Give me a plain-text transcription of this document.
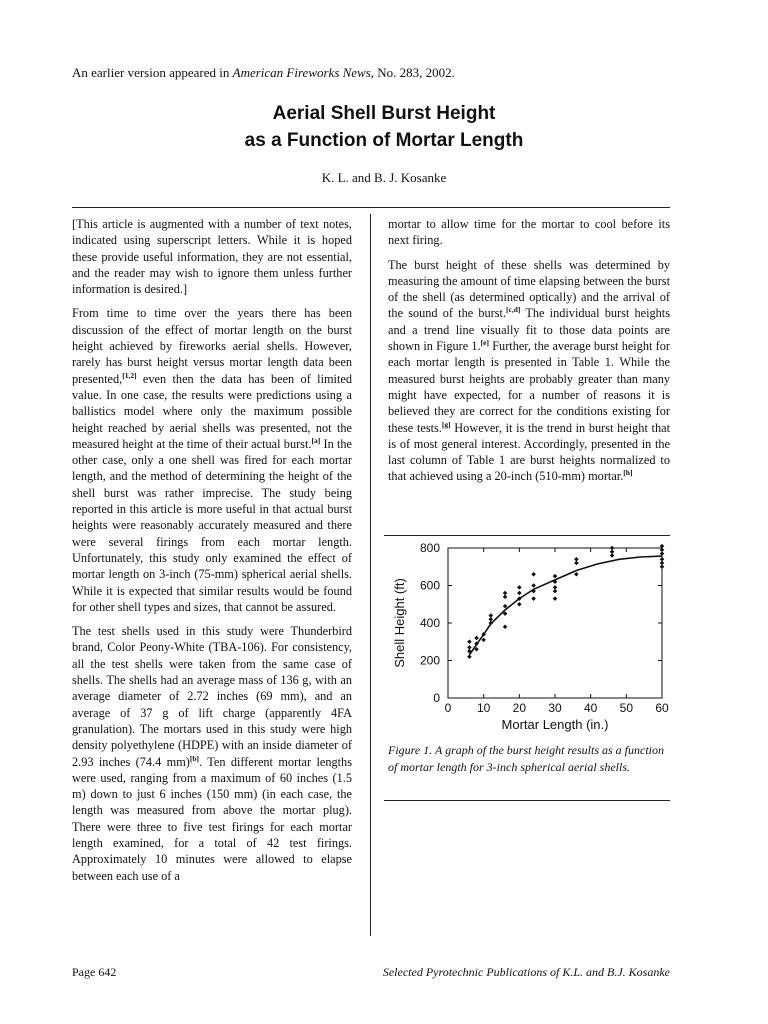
An earlier version appeared in American Fireworks News, No. 283, 2002.
Aerial Shell Burst Height
as a Function of Mortar Length
K. L. and B. J. Kosanke

[This article is augmented with a number of text notes, indicated using superscript letters. While it is hoped these provide useful information, they are not essential, and the reader may wish to ignore them unless further information is desired.]

From time to time over the years there has been discussion of the effect of mortar length on the burst height achieved by fireworks aerial shells. However, rarely has burst height versus mortar length data been presented,[1,2] even then the data has been of limited value. In one case, the results were predictions using a ballistics model where only the maximum possible height reached by aerial shells was presented, not the measured height at the time of their actual burst.[a] In the other case, only a one shell was fired for each mortar length, and the method of determining the height of the shell burst was rather imprecise. The study being reported in this article is more useful in that actual burst heights were reasonably accurately measured and there were several firings from each mortar length. Unfortunately, this study only examined the effect of mortar length on 3-inch (75-mm) spherical aerial shells. While it is expected that similar results would be found for other shell types and sizes, that cannot be assured.

The test shells used in this study were Thunderbird brand, Color Peony-White (TBA-106). For consistency, all the test shells were taken from the same case of shells. The shells had an average mass of 136 g, with an average diameter of 2.72 inches (69 mm), and an average of 37 g of lift charge (apparently 4FA granulation). The mortars used in this study were high density polyethylene (HDPE) with an inside diameter of 2.93 inches (74.4 mm)[b]. Ten different mortar lengths were used, ranging from a maximum of 60 inches (1.5 m) down to just 6 inches (150 mm) (in each case, the length was measured from above the mortar plug). There were three to five test firings for each mortar length examined, for a total of 42 test firings. Approximately 10 minutes were allowed to elapse between each use of a

mortar to allow time for the mortar to cool before its next firing.

The burst height of these shells was determined by measuring the amount of time elapsing between the burst of the shell (as determined optically) and the arrival of the sound of the burst.[c,d] The individual burst heights and a trend line visually fit to those data points are shown in Figure 1.[e] Further, the average burst height for each mortar length is presented in Table 1. While the measured burst heights are probably greater than many might have expected, for a number of reasons it is believed they are correct for the conditions existing for these tests.[g] However, it is the trend in burst height that is of most general interest. Accordingly, presented in the last column of Table 1 are burst heights normalized to that achieved using a 20-inch (510-mm) mortar.[h]

0 10 20 30 40 50 60
0
200
400
600
800
Mortar Length (in.)
Shell Height (ft)
Figure 1. A graph of the burst height results as a function of mortar length for 3-inch spherical aerial shells.
Page 642	Selected Pyrotechnic Publications of K.L. and B.J. Kosanke
